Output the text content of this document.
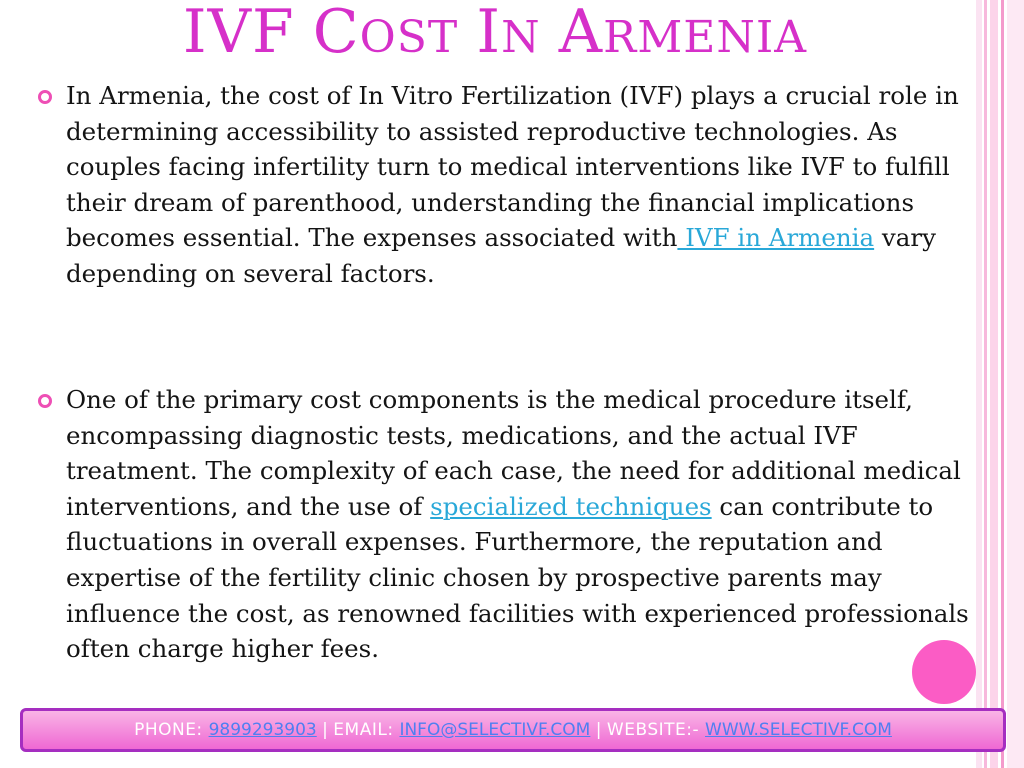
IVF COST IN ARMENIA

In Armenia, the cost of In Vitro Fertilization (IVF) plays a crucial role in determining accessibility to assisted reproductive technologies. As couples facing infertility turn to medical interventions like IVF to fulfill their dream of parenthood, understanding the financial implications becomes essential. The expenses associated with IVF in Armenia vary depending on several factors.

One of the primary cost components is the medical procedure itself, encompassing diagnostic tests, medications, and the actual IVF treatment. The complexity of each case, the need for additional medical interventions, and the use of specialized techniques can contribute to fluctuations in overall expenses. Furthermore, the reputation and expertise of the fertility clinic chosen by prospective parents may influence the cost, as renowned facilities with experienced professionals often charge higher fees.

PHONE: 9899293903 | EMAIL: INFO@SELECTIVF.COM | WEBSITE:- WWW.SELECTIVF.COM
